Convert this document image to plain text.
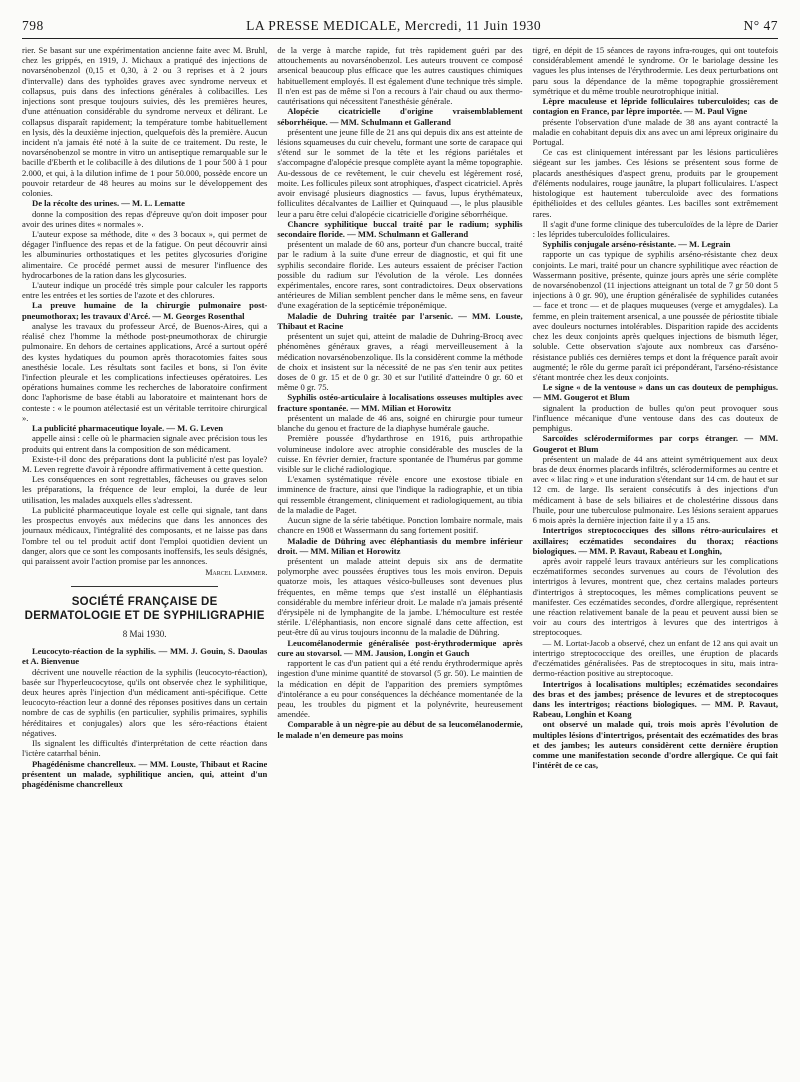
798	LA PRESSE MEDICALE, Mercredi, 11 Juin 1930	N° 47

rier. Se basant sur une expérimentation ancienne faite avec M. Bruhl, chez les grippés, en 1919, J. Michaux a pratiqué des injections de novarsénobenzol (0,15 et 0,30, à 2 ou 3 reprises et à 2 jours d'intervalle) dans des typhoïdes graves avec syndrome nerveux et collapsus, puis dans des infections générales à colibacilles. Les injections sont presque toujours suivies, dès les premières heures, d'une atténuation considérable du syndrome nerveux et délirant. Le collapsus disparaît rapidement; la température tombe habituellement en lysis, dès la deuxième injection, quelquefois dès la première. Aucun incident n'a jamais été noté à la suite de ce traitement. Du reste, le novarsénobenzol se montre in vitro un antiseptique remarquable sur le bacille d'Eberth et le colibacille à des dilutions de 1 pour 500 à 1 pour 2.000, et qui, à la dilution infime de 1 pour 50.000, possède encore un pouvoir retardeur de 48 heures au moins sur le développement des colonies.

De la récolte des urines. — M. L. Lematte

donne la composition des repas d'épreuve qu'on doit imposer pour avoir des urines dites « normales ».

L'auteur expose sa méthode, dite « des 3 bocaux », qui permet de dégager l'influence des repas et de la fatigue. On peut découvrir ainsi les albuminuries orthostatiques et les petites glycosuries d'origine alimentaire. Ce procédé permet aussi de mesurer l'influence des hydrocarbones de la ration dans les glycosuries.

L'auteur indique un procédé très simple pour calculer les rapports entre les entrées et les sorties de l'azote et des chlorures.

La preuve humaine de la chirurgie pulmonaire post-pneumothorax; les travaux d'Arcé. — M. Georges Rosenthal

analyse les travaux du professeur Arcé, de Buenos-Aires, qui a réalisé chez l'homme la méthode post-pneumothorax de chirurgie pulmonaire. En dehors de certaines applications, Arcé a surtout opéré des kystes hydatiques du poumon après thoracotomies faites sous anesthésie locale. Les résultats sont faciles et bons, si l'on évite l'infection pleurale et les complications infectieuses opératoires. Les opérations humaines comme les recherches de laboratoire confirment donc l'aphorisme de base établi au laboratoire et maintenant hors de conteste : « le poumon atélectasié est un véritable territoire chirurgical ».

La publicité pharmaceutique loyale. — M. G. Leven

appelle ainsi : celle où le pharmacien signale avec précision tous les produits qui entrent dans la composition de son médicament.

Existe-t-il donc des préparations dont la publicité n'est pas loyale? M. Leven regrette d'avoir à répondre affirmativement à cette question.

Les conséquences en sont regrettables, fâcheuses ou graves selon les préparations, la fréquence de leur emploi, la durée de leur utilisation, les malades auxquels elles s'adressent.

La publicité pharmaceutique loyale est celle qui signale, tant dans les prospectus envoyés aux médecins que dans les annonces des journaux médicaux, l'intégralité des composants, et ne laisse pas dans l'ombre tel ou tel produit actif dont l'emploi quotidien devient un danger, alors que ce sont les composants inoffensifs, les seuls désignés, qui paraissent avoir l'action promise par les annonces.

Marcel Laemmer.
SOCIÉTÉ FRANÇAISE DE DERMATOLOGIE ET DE SYPHILIGRAPHIE
8 Mai 1930.

Leucocyto-réaction de la syphilis. — MM. J. Gouin, S. Daoulas et A. Bienvenue

décrivent une nouvelle réaction de la syphilis (leucocyto-réaction), basée sur l'hyperleucocytose, qu'ils ont observée chez le syphilitique, deux heures après l'injection d'un médicament anti-spécifique. Cette leucocyto-réaction leur a donné des réponses positives dans un certain nombre de cas de syphilis (en particulier, syphilis primaires, syphilis héréditaires et conjugales) alors que les séro-réactions étaient négatives.

Ils signalent les difficultés d'interprétation de cette réaction dans l'ictère catarrhal bénin.

Phagédénisme chancrelleux. — MM. Louste, Thibaut et Racine présentent un malade, syphilitique ancien, qui, atteint d'un phagédénisme chancrelleux

de la verge à marche rapide, fut très rapidement guéri par des attouchements au novarsénobenzol. Les auteurs trouvent ce composé arsenical beaucoup plus efficace que les autres caustiques chimiques habituellement employés. Il est également d'une technique très simple. Il n'en est pas de même si l'on a recours à l'air chaud ou aux thermo-cautérisations qui nécessitent l'anesthésie générale.

Alopécie cicatricielle d'origine vraisemblablement séborrhéique. — MM. Schulmann et Gallerand

présentent une jeune fille de 21 ans qui depuis dix ans est atteinte de lésions squameuses du cuir chevelu, formant une sorte de carapace qui s'étend sur le sommet de la tête et les régions pariétales et s'accompagne d'alopécie presque complète ayant la même topographie. Au-dessous de ce revêtement, le cuir chevelu est légèrement rosé, moite. Les follicules pileux sont atrophiques, d'aspect cicatriciel. Après avoir envisagé plusieurs diagnostics — favus, lupus érythémateux, folliculites décalvantes de Laillier et Quinquaud —, le plus plausible leur a paru être celui d'alopécie cicatricielle d'origine séborrhéique.

Chancre syphilitique buccal traité par le radium; syphilis secondaire floride. — MM. Schulmann et Gallerand

présentent un malade de 60 ans, porteur d'un chancre buccal, traité par le radium à la suite d'une erreur de diagnostic, et qui fit une syphilis secondaire floride. Les auteurs essaient de préciser l'action possible du radium sur l'évolution de la vérole. Les données expérimentales, encore rares, sont contradictoires. Deux observations antérieures de Milian semblent pencher dans le même sens, en faveur d'une exagération de la septicémie tréponémique.

Maladie de Duhring traitée par l'arsenic. — MM. Louste, Thibaut et Racine

présentent un sujet qui, atteint de maladie de Duhring-Brocq avec phénomènes généraux graves, a réagi merveilleusement à la médication novarsénobenzolique. Ils la considèrent comme la méthode de choix et insistent sur la nécessité de ne pas s'en tenir aux petites doses de 0 gr. 15 et de 0 gr. 30 et sur l'utilité d'atteindre 0 gr. 60 et même 0 gr. 75.

Syphilis ostéo-articulaire à localisations osseuses multiples avec fracture spontanée. — MM. Milian et Horowitz

présentent un malade de 46 ans, soigné en chirurgie pour tumeur blanche du genou et fracture de la diaphyse humérale gauche.

Première poussée d'hydarthrose en 1916, puis arthropathie volumineuse indolore avec atrophie considérable des muscles de la cuisse. En février dernier, fracture spontanée de l'humérus par gomme visible sur le cliché radiologique.

L'examen systématique révèle encore une exostose tibiale en imminence de fracture, ainsi que l'indique la radiographie, et un tibia qui ressemble étrangement, cliniquement et radiologiquement, au tibia de la maladie de Paget.

Aucun signe de la série tabétique. Ponction lombaire normale, mais chancre en 1908 et Wassermann du sang fortement positif.

Maladie de Dühring avec éléphantiasis du membre inférieur droit. — MM. Milian et Horowitz

présentent un malade atteint depuis six ans de dermatite polymorphe avec poussées éruptives tous les mois environ. Depuis quatorze mois, les attaques vésico-bulleuses sont devenues plus fréquentes, en même temps que s'est installé un éléphantiasis considérable du membre inférieur droit. Le malade n'a jamais présenté d'érysipèle ni de lymphangite de la jambe. L'hémoculture est restée stérile. L'éléphantiasis, non encore signalé dans cette affection, est peut-être dû au virus toujours inconnu de la maladie de Dühring.

Leucomélanodermie généralisée post-érythrodermique après cure au stovarsol. — MM. Jausion, Longin et Gauch

rapportent le cas d'un patient qui a été rendu érythrodermique après ingestion d'une minime quantité de stovarsol (5 gr. 50). Le maintien de la médication en dépit de l'apparition des premiers symptômes d'intolérance a eu pour conséquences la déchéance momentanée de la peau, les troubles du pigment et la polynévrite, heureusement amendée.

Comparable à un nègre-pie au début de sa leucomélanodermie, le malade n'en demeure pas moins

tigré, en dépit de 15 séances de rayons infra-rouges, qui ont toutefois considérablement amendé le syndrome. Or le bariolage dessine les vagues les plus intenses de l'érythrodermie. Les deux perturbations ont paru sous la dépendance de la même topographie grossièrement symétrique et du même trouble neurotrophique initial.

Lèpre maculeuse et lépride folliculaires tuberculoïdes; cas de contagion en France, par lèpre importée. — M. Paul Vigne

présente l'observation d'une malade de 38 ans ayant contracté la maladie en cohabitant depuis dix ans avec un ami lépreux originaire du Portugal.

Ce cas est cliniquement intéressant par les lésions particulières siégeant sur les jambes. Ces lésions se présentent sous forme de placards anesthésiques d'aspect grenu, produits par le groupement d'éléments nodulaires, rouge jaunâtre, la plupart folliculaires. L'aspect histologique est hautement tuberculoïde avec des formations épithélioïdes et des cellules géantes. Les bacilles sont extrêmement rares.

Il s'agit d'une forme clinique des tuberculoïdes de la lèpre de Darier : les léprides tuberculoïdes folliculaires.

Syphilis conjugale arséno-résistante. — M. Legrain

rapporte un cas typique de syphilis arséno-résistante chez deux conjoints. Le mari, traité pour un chancre syphilitique avec réaction de Wassermann positive, présente, quinze jours après une série complète de novarsénobenzol (11 injections atteignant un total de 7 gr 50 dont 5 injections à 0 gr. 90), une éruption généralisée de syphilides cutanées — face et tronc — et de plaques muqueuses (verge et amygdales). La femme, en plein traitement arsenical, a une poussée de périostite tibiale avec douleurs nocturnes intolérables. Disparition rapide des accidents chez les deux conjoints après quelques injections de bismuth léger, soluble. Cette observation s'ajoute aux nombreux cas d'arséno-résistance publiés ces dernières temps et dont la fréquence paraît avoir augmenté; le rôle du germe paraît ici prépondérant, l'arséno-résistance s'étant montrée chez les deux conjoints.

Le signe « de la ventouse » dans un cas douteux de pemphigus. — MM. Gougerot et Blum

signalent la production de bulles qu'on peut provoquer sous l'influence mécanique d'une ventouse dans des cas douteux de pemphigus.

Sarcoïdes sclérodermiformes par corps étranger. — MM. Gougerot et Blum

présentent un malade de 44 ans atteint symétriquement aux deux bras de deux énormes placards infiltrés, sclérodermiformes au centre et avec « lilac ring » et une induration s'étendant sur 14 cm. de haut et sur 12 cm. de large. Ils seraient consécutifs à des injections d'un médicament à base de sels biliaires et de cholestérine dissous dans l'huile, pour une tuberculose pulmonaire. Les lésions seraient apparues 6 mois après la dernière injection faite il y a 15 ans.

Intertrigos streptococciques des sillons rétro-auriculaires et axillaires; eczématides secondaires du thorax; réactions biologiques. — MM. P. Ravaut, Rabeau et Longhin,

après avoir rappelé leurs travaux antérieurs sur les complications eczématiformes secondes survenues au cours de l'évolution des intertrigos à levures, montrent que, chez certains malades porteurs d'intertrigos à streptocoques, les mêmes complications peuvent se manifester. Ces eczématides secondes, d'ordre allergique, représentent une réaction relativement banale de la peau et peuvent aussi bien se voir au cours des intertrigos à levures que des intertrigos à streptocoques.

— M. Lortat-Jacob a observé, chez un enfant de 12 ans qui avait un intertrigo streptococcique des oreilles, une éruption de placards d'eczématides généralisées. Pas de streptocoques in situ, mais intra-dermo-réaction positive au streptocoque.

Intertrigos à localisations multiples; eczématides secondaires des bras et des jambes; présence de levures et de streptocoques dans les intertrigos; réactions biologiques. — MM. P. Ravaut, Rabeau, Longhin et Koang

ont observé un malade qui, trois mois après l'évolution de multiples lésions d'intertrigos, présentait des eczématides des bras et des jambes; les auteurs considèrent cette dernière éruption comme une manifestation seconde d'ordre allergique. Ce qui fait l'intérêt de ce cas,
